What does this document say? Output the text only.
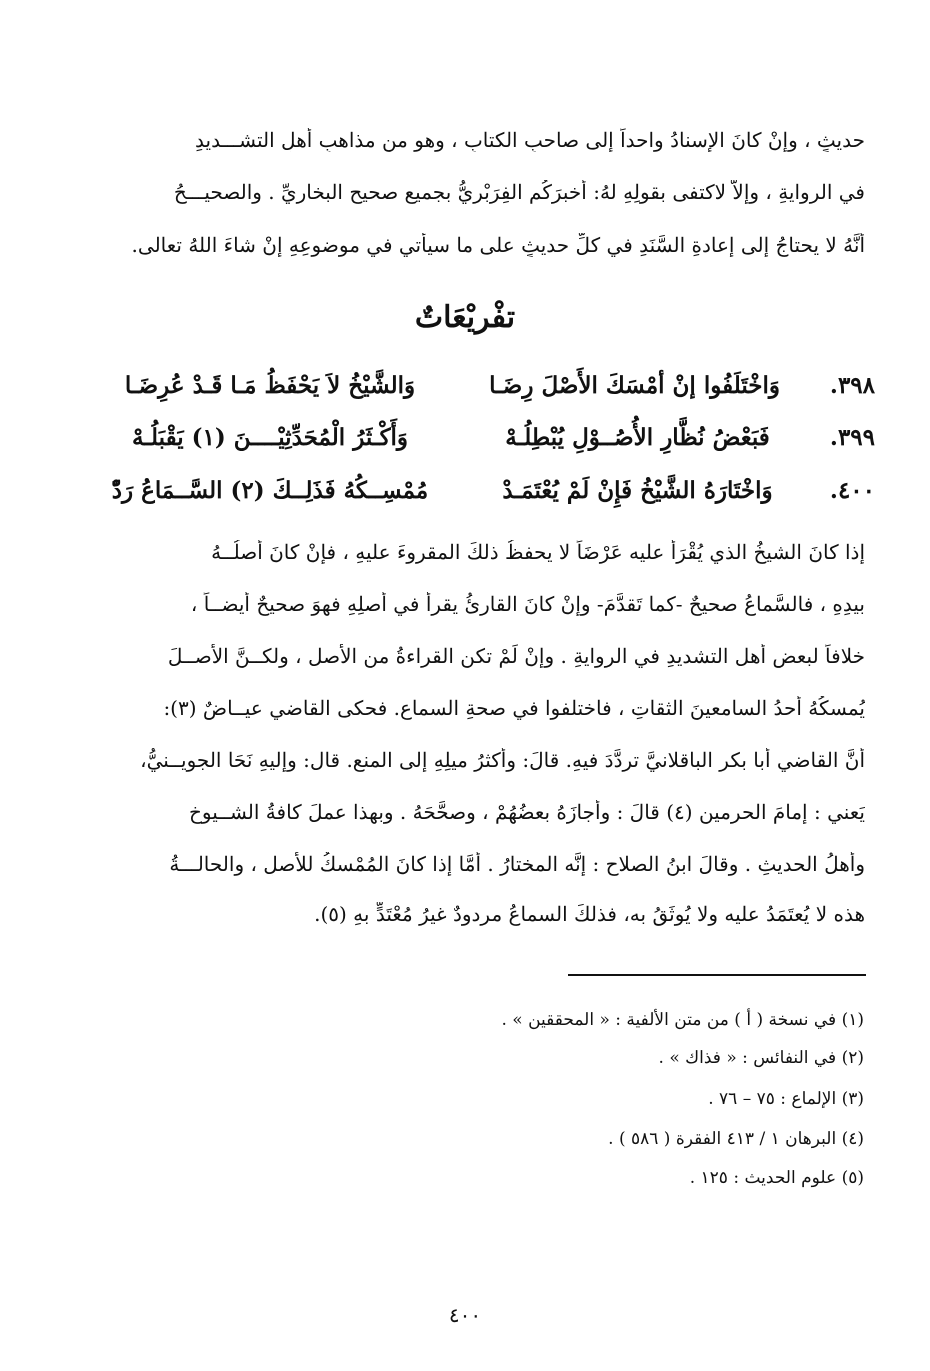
حديثٍ ، وإنْ كانَ الإسنادُ واحداً إلى صاحبِ الكتابِ ، وهو من مذاهبِ أهلِ التشـــديدِ
في الروايةِ ، وإلاَّ لاكتفى بقولِهِ لهُ: أخبرَكُم الفِرَبْرِيُّ بجميعِ صحيحِ البخاريِّ . والصحيـــحُ
أنَّهُ لا يحتاجُ إلى إعادةِ السَّنَدِ في كلِّ حديثٍ على ما سيأتي في موضوعِهِ إنْ شاءَ اللهُ تعالى.
تفْريْعَاتٌ
٣٩٨.
وَاخْتَلَفُوا إنْ أمْسَكَ الأَصْلَ رِضَـا
وَالشَّيْخُ لاَ يَحْفَظُ مَـا قَـدْ عُرِضَـا
٣٩٩.
فَبَعْضُ نُظَّارِ الأُصُــوْلِ يُبْطِلُـهْ
وَأَكْـثَرُ الْمُحَدِّثِيْــــنَ (١) يَقْبَلُـهْ
٤٠٠.
وَاخْتَارَهُ الشَّيْخُ فَإِنْ لَمْ يُعْتَمَـدْ
مُمْسِــكُهُ فَذَلِــكَ (٢) السَّــمَاعُ رَدّْ
إذا كانَ الشيخُ الذي يُقْرَأُ عليه عَرْضَاً لا يحفظُ ذلكَ المقروءَ عليهِ ، فإنْ كانَ أصلُــهُ
بيدِهِ ، فالسَّماعُ صحيحٌ -كما تَقدَّمَ- وإنْ كانَ القارئُ يقرأُ في أصلِهِ فهوَ صحيحٌ أيضــاً ،
خلافاً لبعضِ أهلِ التشديدِ في الروايةِ . وإنْ لَمْ تكنِ القراءةُ من الأصلِ ، ولكــنَّ الأصــلَ
يُمسكُهُ أحدُ السامعينَ الثقاتِ ، فاختلفوا في صحةِ السماعِ. فحكى القاضي عيــاضٌ (٣):
أنَّ القاضي أبا بكرٍ الباقلانيَّ تردَّدَ فيهِ. قالَ: وأكثرُ ميلِهِ إلى المنعِ. قال: وإليهِ نَحَا الجويــنيُّ،
يَعني : إمامَ الحرمينِ (٤) قالَ : وأجازَهُ بعضُهُمْ ، وصحَّحَهُ . وبهذا عملَ كافةُ الشــيوخِ
وأهلُ الحديثِ . وقالَ ابنُ الصلاحِ : إنَّه المختارُ . أمَّا إذا كانَ المُمْسكُ للأصلِ ، والحالـــةُ
هذه لا يُعتَمَدُ عليه ولا يُوثَقُ به، فذلكَ السماعُ مردودٌ غيرُ مُعْتَدٍّ بهِ (٥).
(١) في نسخة ( أ ) من متن الألفية : « المحققين » .
(٢) في النفائس : « فذاك » .
(٣) الإلماع : ٧٥ – ٧٦ .
(٤) البرهان ١ / ٤١٣ الفقرة ( ٥٨٦ ) .
(٥) علوم الحديث : ١٢٥ .
٤٠٠
